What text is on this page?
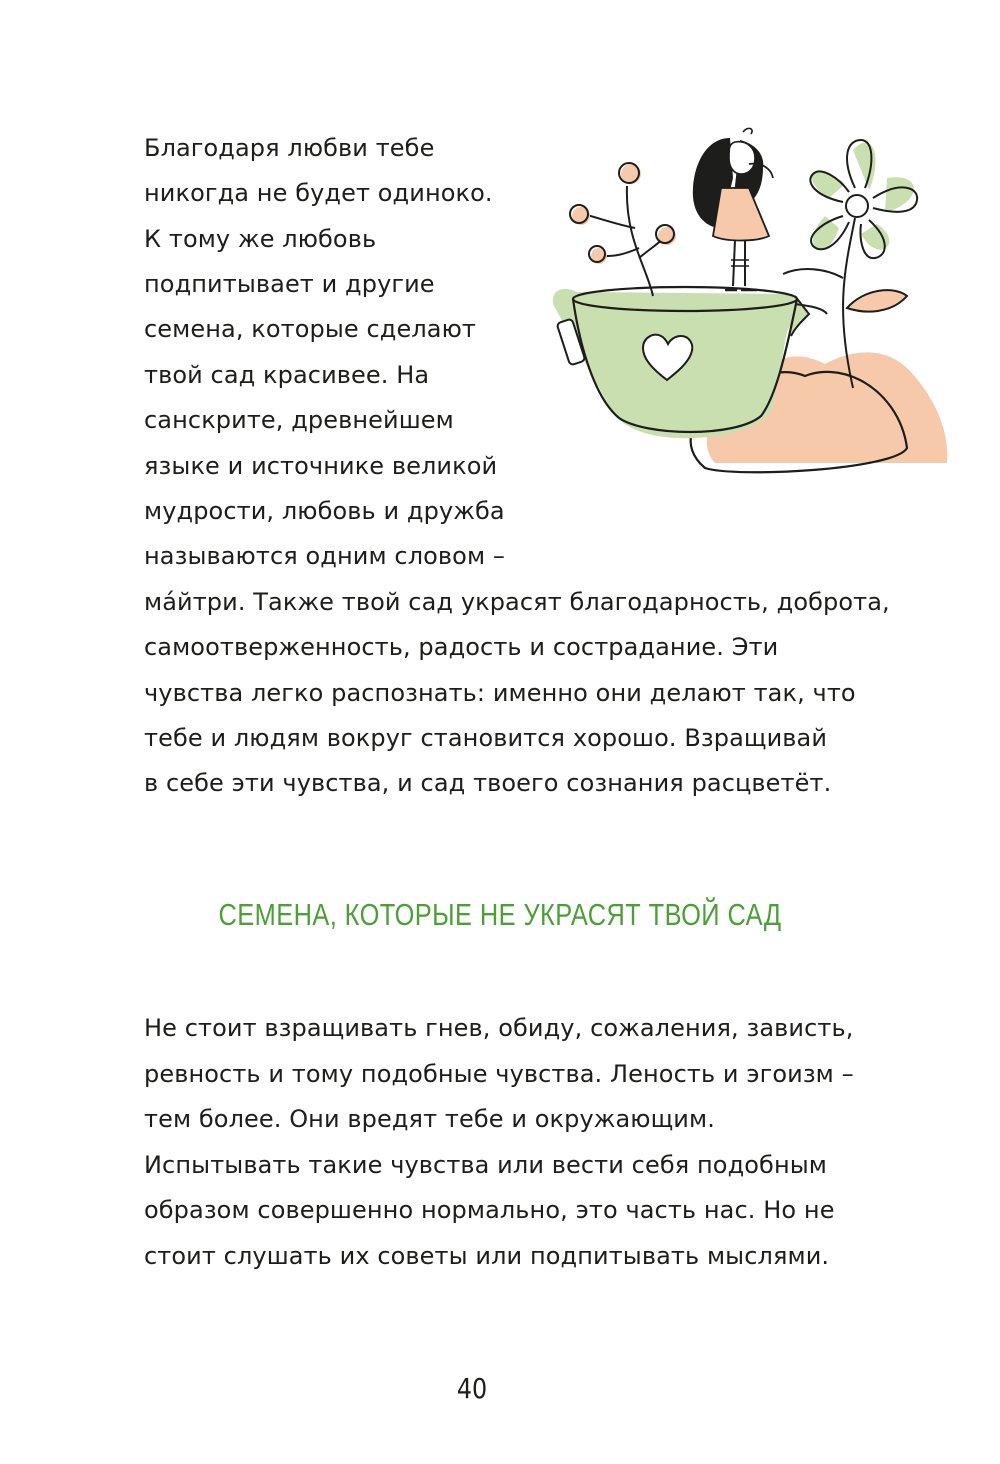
Благодаря любви тебе

никогда не будет одиноко.

К тому же любовь

подпитывает и другие

семена, которые сделают

твой сад красивее. На

санскрите, древнейшем

языке и источнике великой

мудрости, любовь и дружба

называются одним словом –

ма́йтри. Также твой сад украсят благодарность, доброта,

самоотверженность, радость и сострадание. Эти

чувства легко распознать: именно они делают так, что

тебе и людям вокруг становится хорошо. Взращивай

в себе эти чувства, и сад твоего сознания расцветёт.

СЕМЕНА, КОТОРЫЕ НЕ УКРАСЯТ ТВОЙ САД

Не стоит взращивать гнев, обиду, сожаления, зависть,

ревность и тому подобные чувства. Леность и эгоизм –

тем более. Они вредят тебе и окружающим.

Испытывать такие чувства или вести себя подобным

образом совершенно нормально, это часть нас. Но не

стоит слушать их советы или подпитывать мыслями.

40
